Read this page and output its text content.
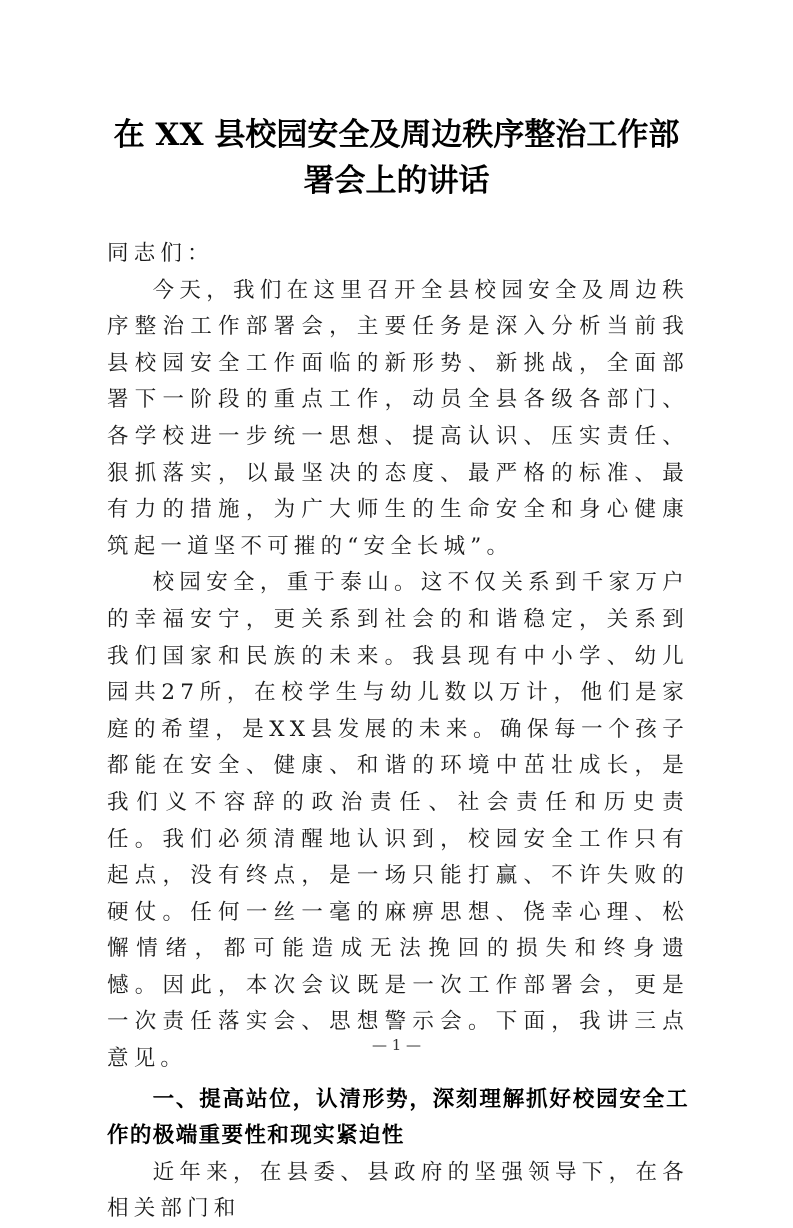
在 XX 县校园安全及周边秩序整治工作部
署会上的讲话

同志们：

今天，我们在这里召开全县校园安全及周边秩序整治工作部署会，主要任务是深入分析当前我县校园安全工作面临的新形势、新挑战，全面部署下一阶段的重点工作，动员全县各级各部门、各学校进一步统一思想、提高认识、压实责任、狠抓落实，以最坚决的态度、最严格的标准、最有力的措施，为广大师生的生命安全和身心健康筑起一道坚不可摧的“安全长城”。

校园安全，重于泰山。这不仅关系到千家万户的幸福安宁，更关系到社会的和谐稳定，关系到我们国家和民族的未来。我县现有中小学、幼儿园共27所，在校学生与幼儿数以万计，他们是家庭的希望，是XX县发展的未来。确保每一个孩子都能在安全、健康、和谐的环境中茁壮成长，是我们义不容辞的政治责任、社会责任和历史责任。我们必须清醒地认识到，校园安全工作只有起点，没有终点，是一场只能打赢、不许失败的硬仗。任何一丝一毫的麻痹思想、侥幸心理、松懈情绪，都可能造成无法挽回的损失和终身遗憾。因此，本次会议既是一次工作部署会，更是一次责任落实会、思想警示会。下面，我讲三点意见。

一、提高站位，认清形势，深刻理解抓好校园安全工作的极端重要性和现实紧迫性

近年来，在县委、县政府的坚强领导下，在各相关部门和

— 1 —
